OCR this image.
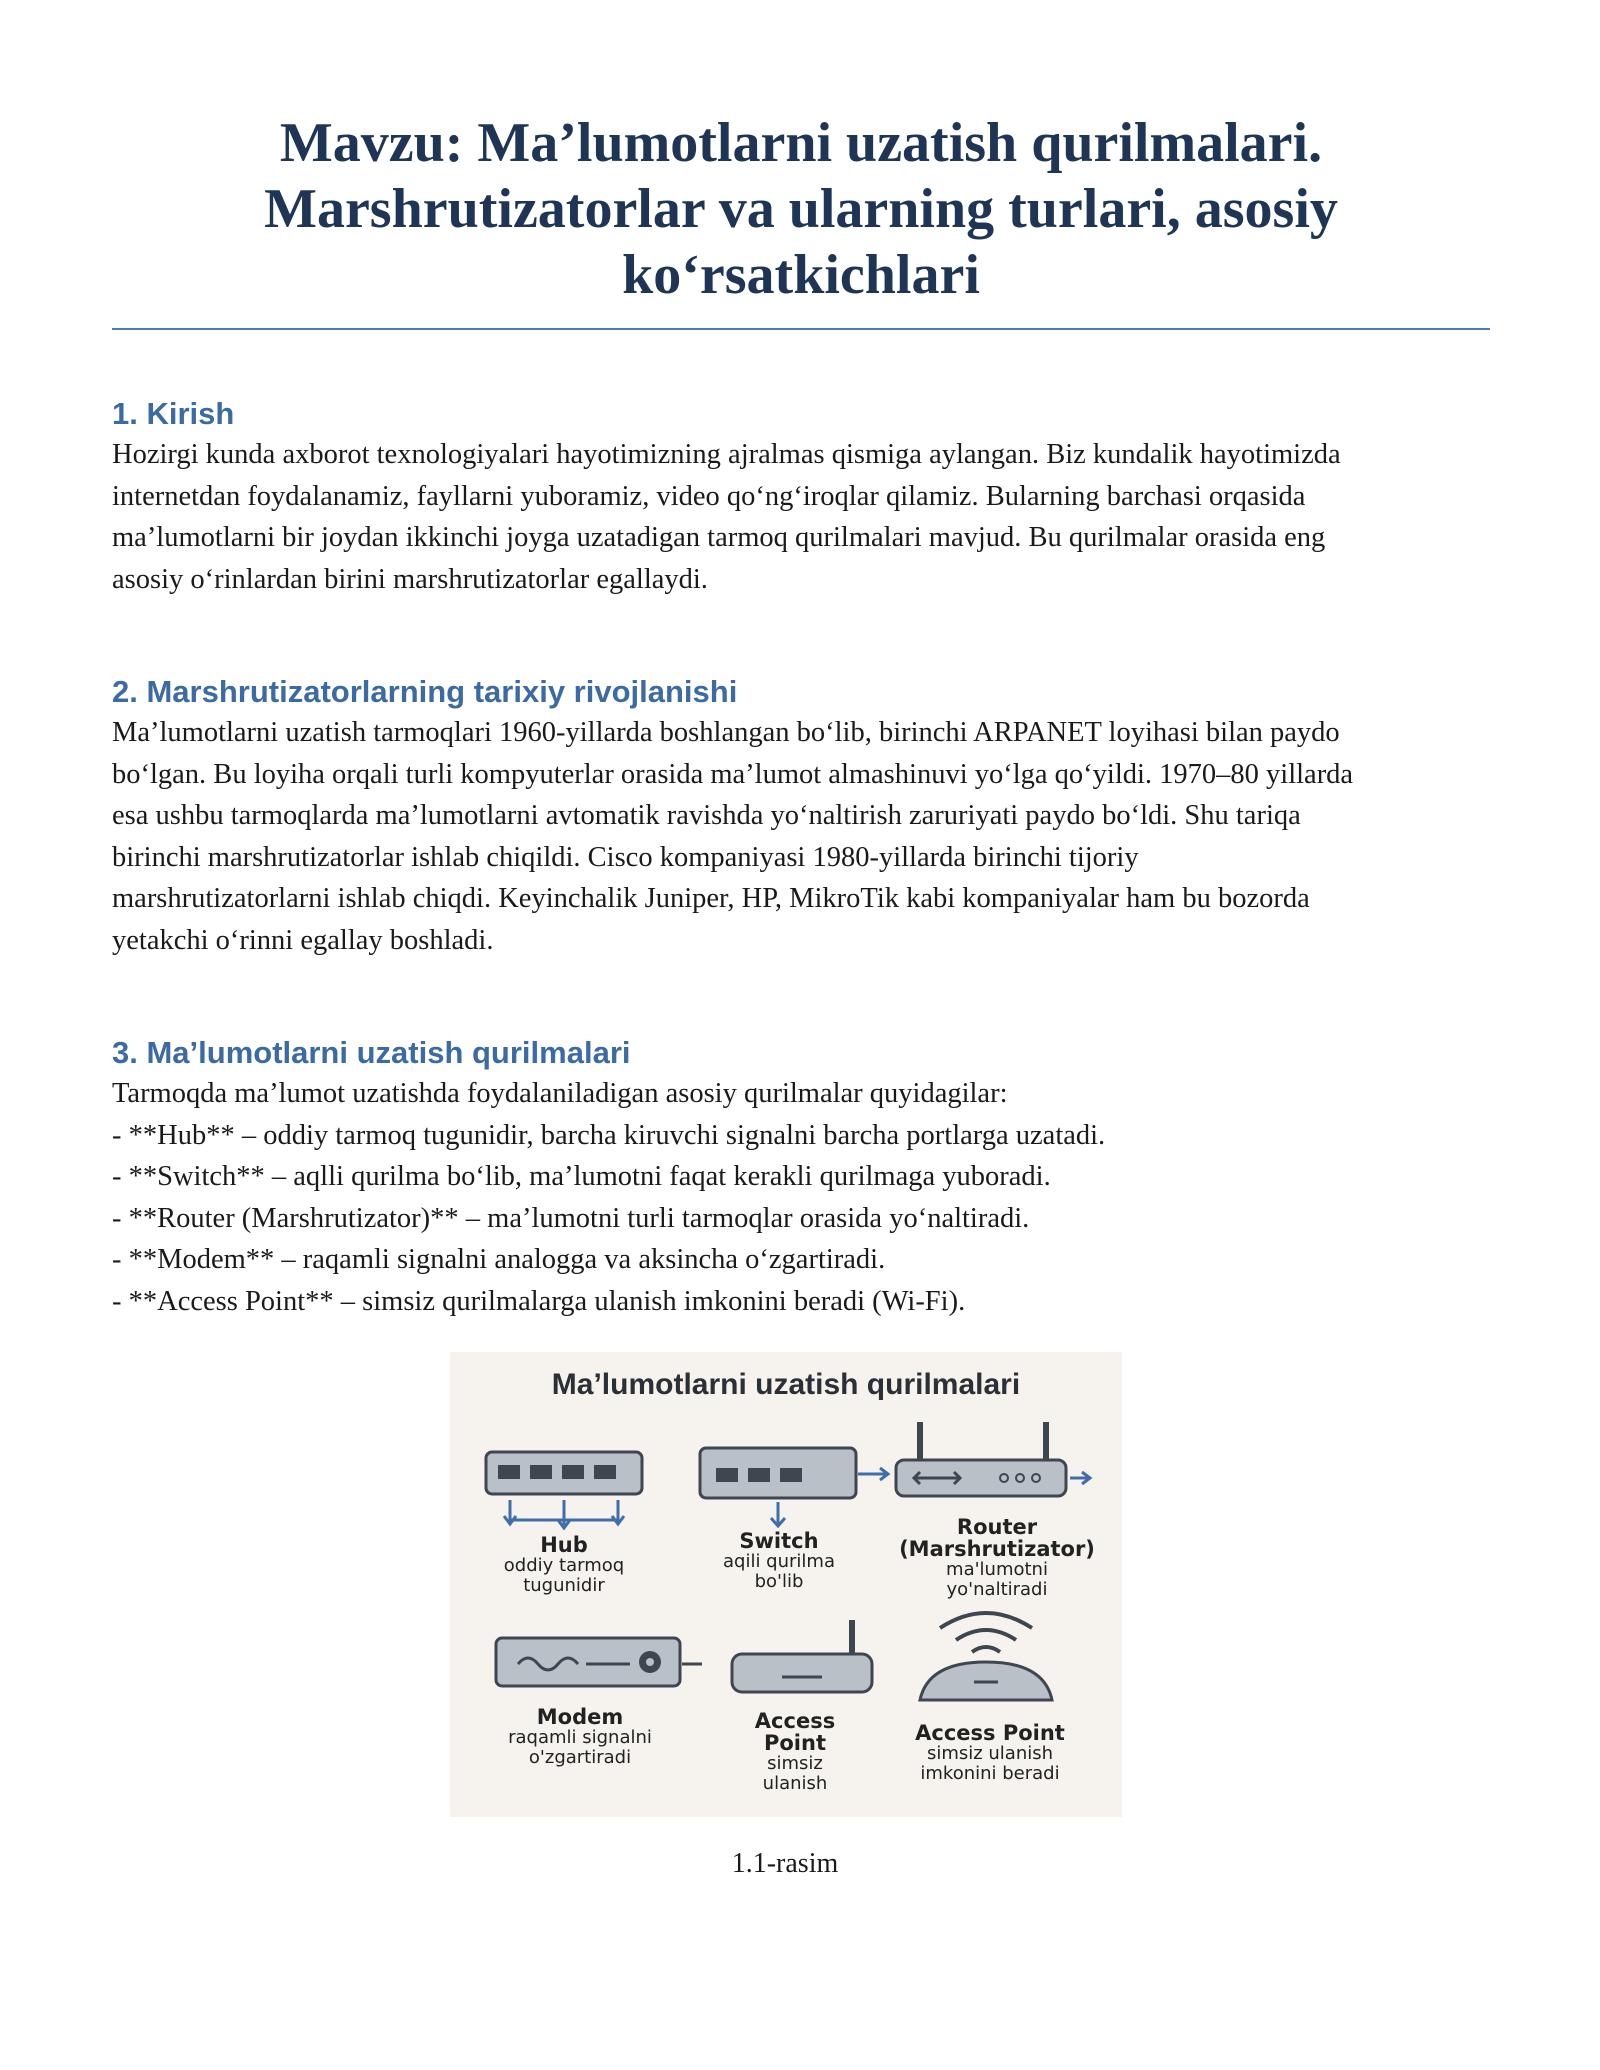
Mavzu: Ma’lumotlarni uzatish qurilmalari.
Marshrutizatorlar va ularning turlari, asosiy
ko‘rsatkichlari
1. Kirish

Hozirgi kunda axborot texnologiyalari hayotimizning ajralmas qismiga aylangan. Biz kundalik hayotimizda
internetdan foydalanamiz, fayllarni yuboramiz, video qo‘ng‘iroqlar qilamiz. Bularning barchasi orqasida
ma’lumotlarni bir joydan ikkinchi joyga uzatadigan tarmoq qurilmalari mavjud. Bu qurilmalar orasida eng
asosiy o‘rinlardan birini marshrutizatorlar egallaydi.

2. Marshrutizatorlarning tarixiy rivojlanishi

Ma’lumotlarni uzatish tarmoqlari 1960-yillarda boshlangan bo‘lib, birinchi ARPANET loyihasi bilan paydo
bo‘lgan. Bu loyiha orqali turli kompyuterlar orasida ma’lumot almashinuvi yo‘lga qo‘yildi. 1970–80 yillarda
esa ushbu tarmoqlarda ma’lumotlarni avtomatik ravishda yo‘naltirish zaruriyati paydo bo‘ldi. Shu tariqa
birinchi marshrutizatorlar ishlab chiqildi. Cisco kompaniyasi 1980-yillarda birinchi tijoriy
marshrutizatorlarni ishlab chiqdi. Keyinchalik Juniper, HP, MikroTik kabi kompaniyalar ham bu bozorda
yetakchi o‘rinni egallay boshladi.

3. Ma’lumotlarni uzatish qurilmalari

Tarmoqda ma’lumot uzatishda foydalaniladigan asosiy qurilmalar quyidagilar:

- **Hub** – oddiy tarmoq tugunidir, barcha kiruvchi signalni barcha portlarga uzatadi.

- **Switch** – aqlli qurilma bo‘lib, ma’lumotni faqat kerakli qurilmaga yuboradi.

- **Router (Marshrutizator)** – ma’lumotni turli tarmoqlar orasida yo‘naltiradi.

- **Modem** – raqamli signalni analogga va aksincha o‘zgartiradi.

- **Access Point** – simsiz qurilmalarga ulanish imkonini beradi (Wi-Fi).

Ma’lumotlarni uzatish qurilmalari
Hub
oddiy tarmoq
tugunidir
Switch
aqili qurilma
bo'lib
Router
(Marshrutizator)
ma'lumotni
yo'naltiradi
Modem
raqamli signalni
o'zgartiradi
Access
Point
simsiz
ulanish
Access Point
simsiz ulanish
imkonini beradi
1.1-rasim
